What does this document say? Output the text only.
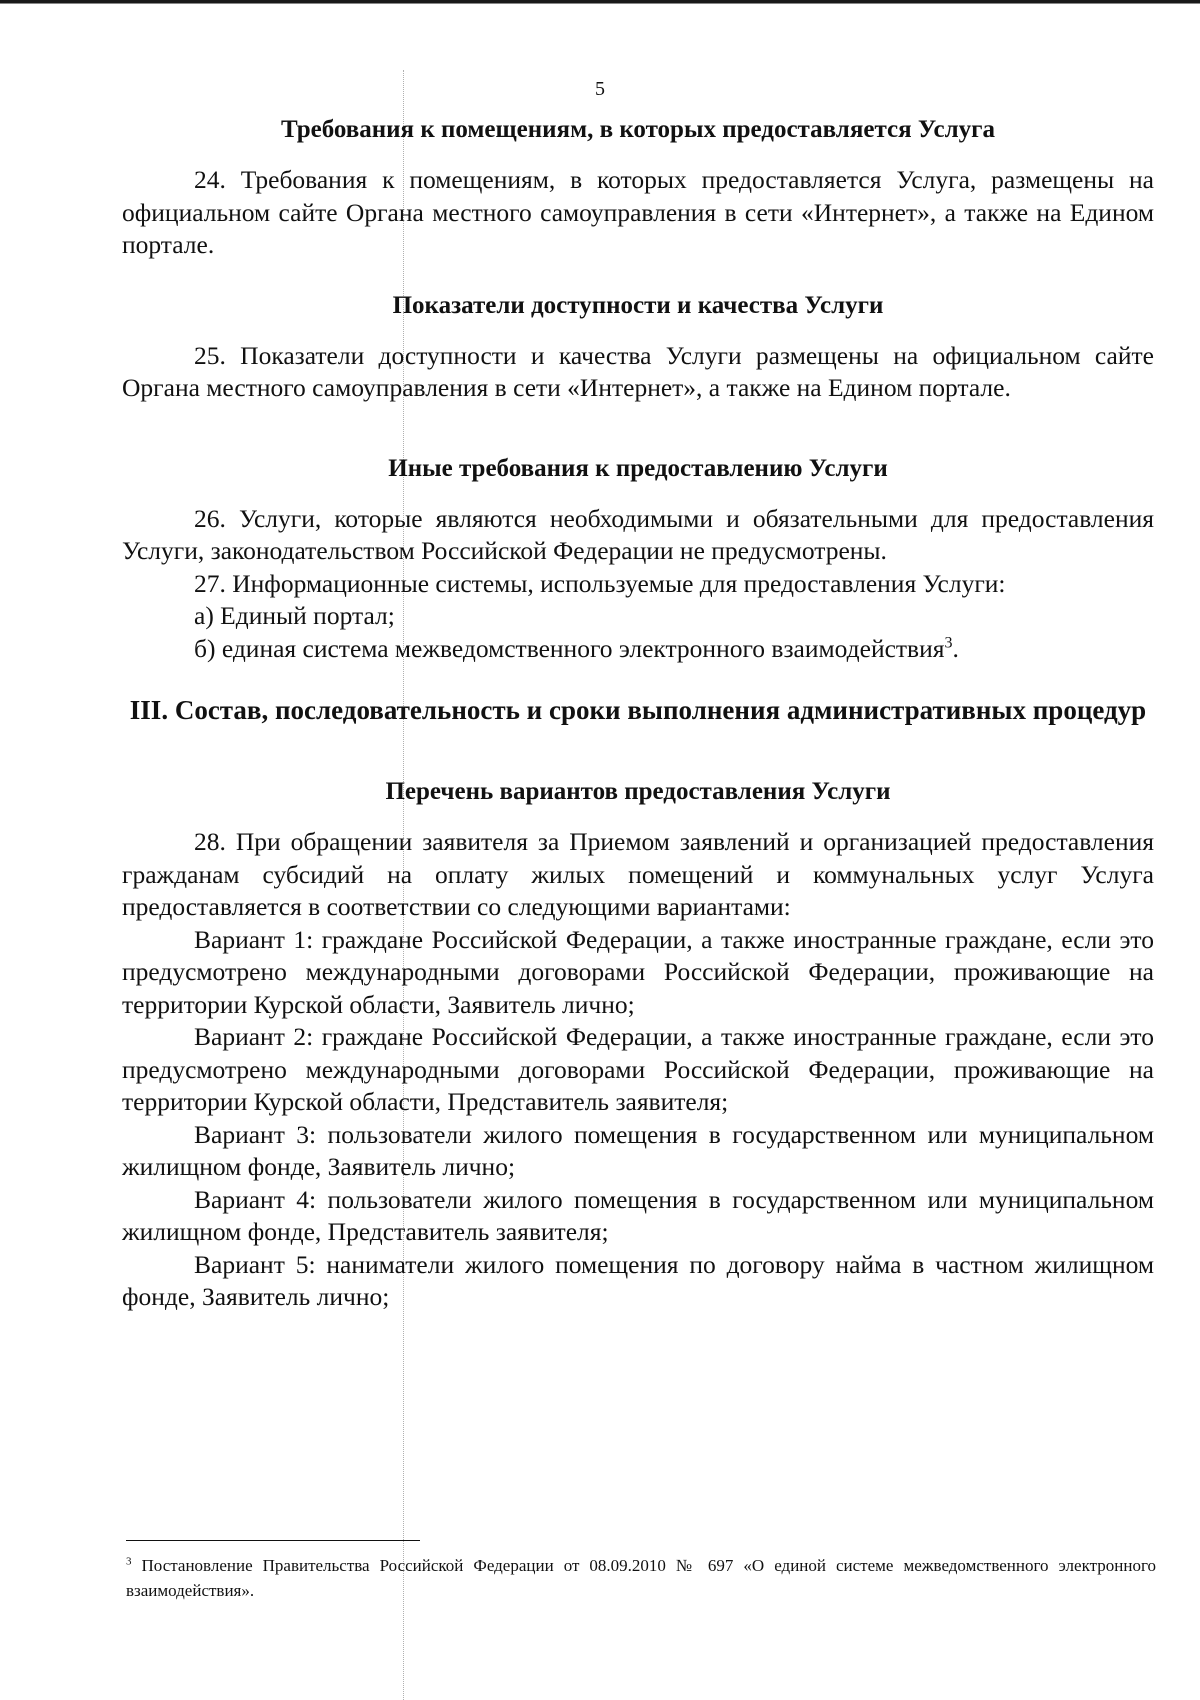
5
Требования к помещениям, в которых предоставляется Услуга

24. Требования к помещениям, в которых предоставляется Услуга, размещены на официальном сайте Органа местного самоуправления в сети «Интернет», а также на Едином портале.

Показатели доступности и качества Услуги

25. Показатели доступности и качества Услуги размещены на официальном сайте Органа местного самоуправления в сети «Интернет», а также на Едином портале.

Иные требования к предоставлению Услуги

26. Услуги, которые являются необходимыми и обязательными для предоставления Услуги, законодательством Российской Федерации не предусмотрены.

27. Информационные системы, используемые для предоставления Услуги:

а) Единый портал;

б) единая система межведомственного электронного взаимодействия$^3$.

III. Состав, последовательность и сроки выполнения административных процедур
Перечень вариантов предоставления Услуги

28. При обращении заявителя за Приемом заявлений и организацией предоставления гражданам субсидий на оплату жилых помещений и коммунальных услуг Услуга предоставляется в соответствии со следующими вариантами:

Вариант 1: граждане Российской Федерации, а также иностранные граждане, если это предусмотрено международными договорами Российской Федерации, проживающие на территории Курской области, Заявитель лично;

Вариант 2: граждане Российской Федерации, а также иностранные граждане, если это предусмотрено международными договорами Российской Федерации, проживающие на территории Курской области, Представитель заявителя;

Вариант 3: пользователи жилого помещения в государственном или муниципальном жилищном фонде, Заявитель лично;

Вариант 4: пользователи жилого помещения в государственном или муниципальном жилищном фонде, Представитель заявителя;

Вариант 5: наниматели жилого помещения по договору найма в частном жилищном фонде, Заявитель лично;

$^3$ Постановление Правительства Российской Федерации от 08.09.2010 № 697 «О единой системе межведомственного электронного взаимодействия».
